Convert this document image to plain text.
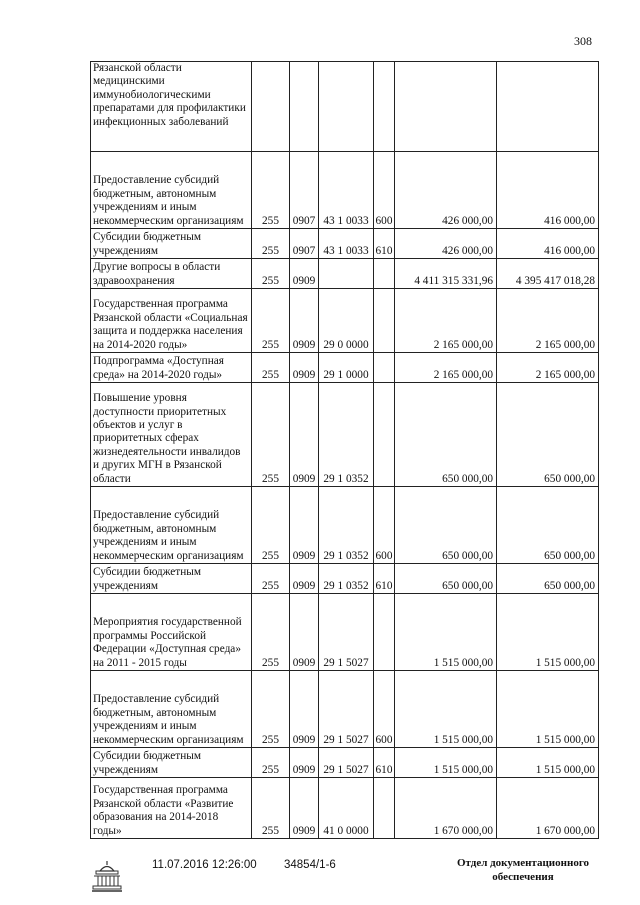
308
Рязанской области медицинскими иммунобиологическими препаратами для профилактики инфекционных заболеваний						

Предоставление субсидий бюджетным, автономным учреждениям и иным некоммерческим организациям	255	0907	43 1 0033	600	426 000,00	416 000,00

Субсидии бюджетным учреждениям	255	0907	43 1 0033	610	426 000,00	416 000,00

Другие вопросы в области здравоохранения	255	0909			4 411 315 331,96	4 395 417 018,28

Государственная программа Рязанской области «Социальная защита и поддержка населения на 2014-2020 годы»	255	0909	29 0 0000		2 165 000,00	2 165 000,00

Подпрограмма «Доступная среда» на 2014-2020 годы»	255	0909	29 1 0000		2 165 000,00	2 165 000,00

Повышение уровня доступности приоритетных объектов и услуг в приоритетных сферах жизнедеятельности инвалидов и других МГН в Рязанской области	255	0909	29 1 0352		650 000,00	650 000,00

Предоставление субсидий бюджетным, автономным учреждениям и иным некоммерческим организациям	255	0909	29 1 0352	600	650 000,00	650 000,00

Субсидии бюджетным учреждениям	255	0909	29 1 0352	610	650 000,00	650 000,00

Мероприятия государственной программы Российской Федерации «Доступная среда» на 2011 - 2015 годы	255	0909	29 1 5027		1 515 000,00	1 515 000,00

Предоставление субсидий бюджетным, автономным учреждениям и иным некоммерческим организациям	255	0909	29 1 5027	600	1 515 000,00	1 515 000,00

Субсидии бюджетным учреждениям	255	0909	29 1 5027	610	1 515 000,00	1 515 000,00

Государственная программа Рязанской области «Развитие образования на 2014-2018 годы»	255	0909	41 0 0000		1 670 000,00	1 670 000,00
11.07.2016 12:26:00 34854/1-6	Отдел документационного
обеспечения
